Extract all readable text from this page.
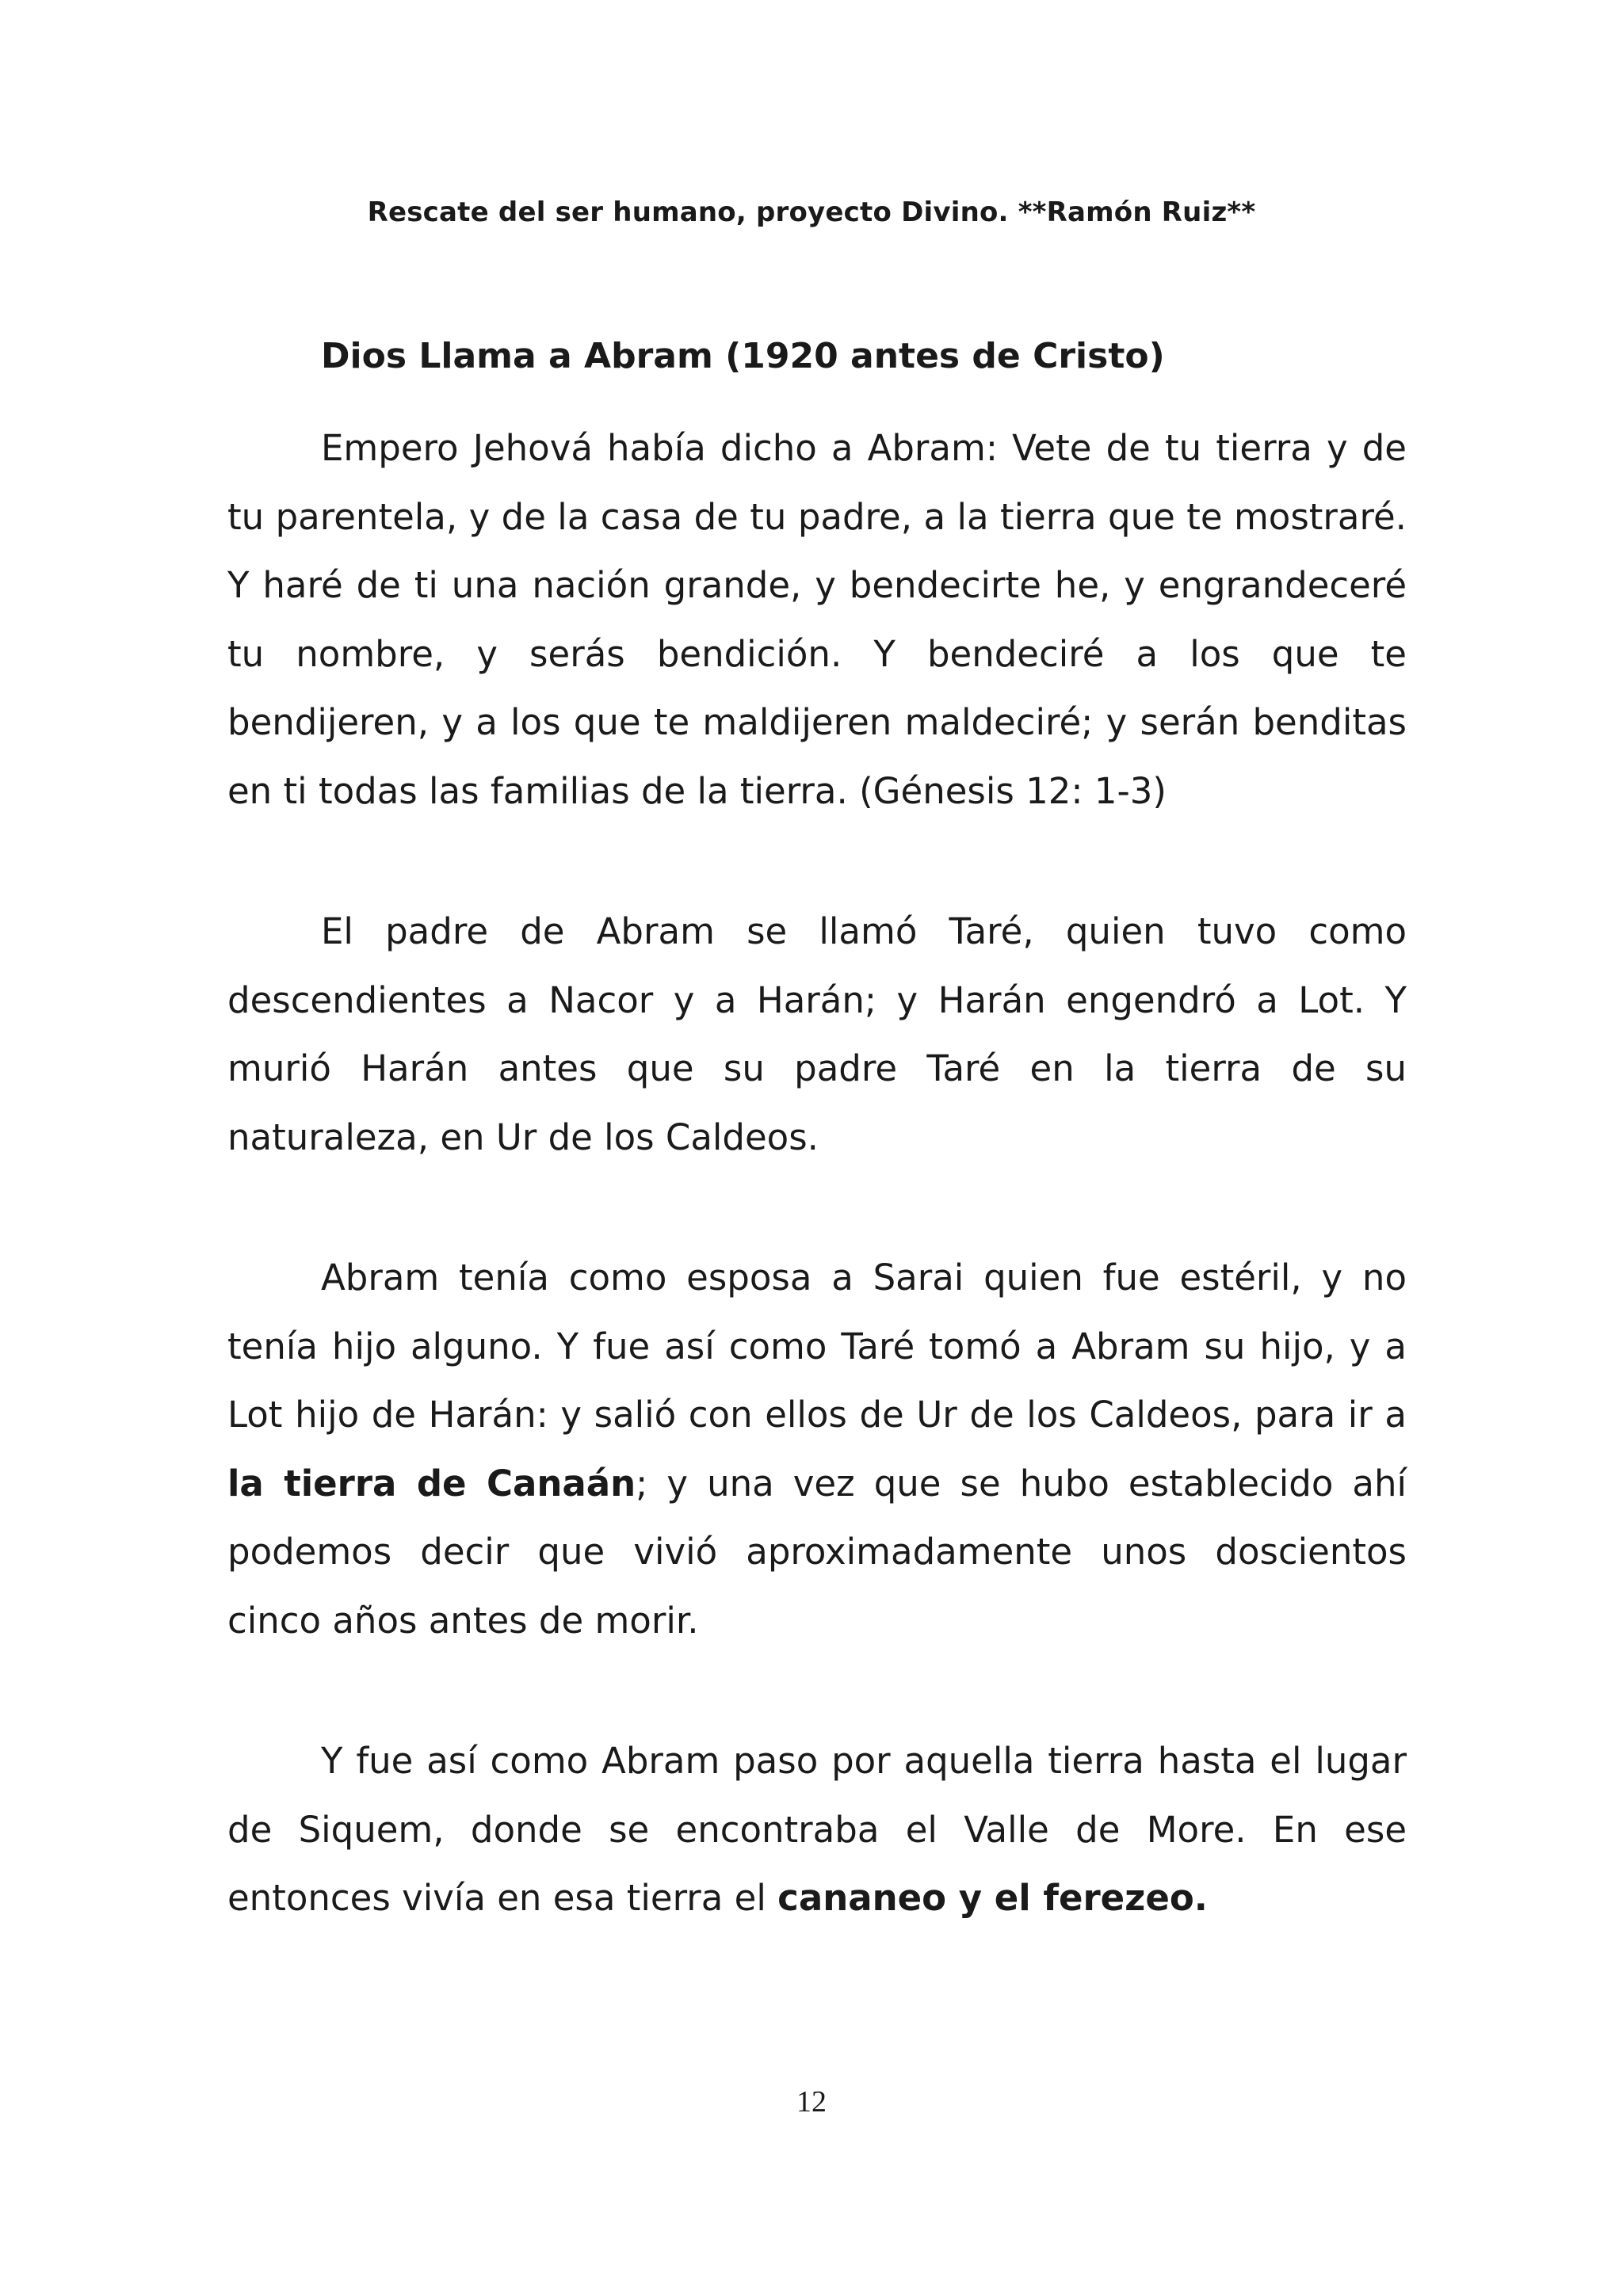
Rescate del ser humano, proyecto Divino. **Ramón Ruiz**
Dios Llama a Abram (1920 antes de Cristo)

Empero Jehová había dicho a Abram: Vete de tu tierra y de tu parentela, y de la casa de tu padre, a la tierra que te mostraré. Y haré de ti una nación grande, y bendecirte he, y engrandeceré tu nombre, y serás bendición. Y bendeciré a los que te bendijeren, y a los que te maldijeren maldeciré; y serán benditas en ti todas las familias de la tierra. (Génesis 12: 1-3)

El padre de Abram se llamó Taré, quien tuvo como descendientes a Nacor y a Harán; y Harán engendró a Lot. Y murió Harán antes que su padre Taré en la tierra de su naturaleza, en Ur de los Caldeos.

Abram tenía como esposa a Sarai quien fue estéril, y no tenía hijo alguno. Y fue así como Taré tomó a Abram su hijo, y a Lot hijo de Harán: y salió con ellos de Ur de los Caldeos, para ir a la tierra de Canaán; y una vez que se hubo establecido ahí podemos decir que vivió aproximadamente unos doscientos cinco años antes de morir.

Y fue así como Abram paso por aquella tierra hasta el lugar de Siquem, donde se encontraba el Valle de More. En ese entonces vivía en esa tierra el cananeo y el ferezeo.

12
